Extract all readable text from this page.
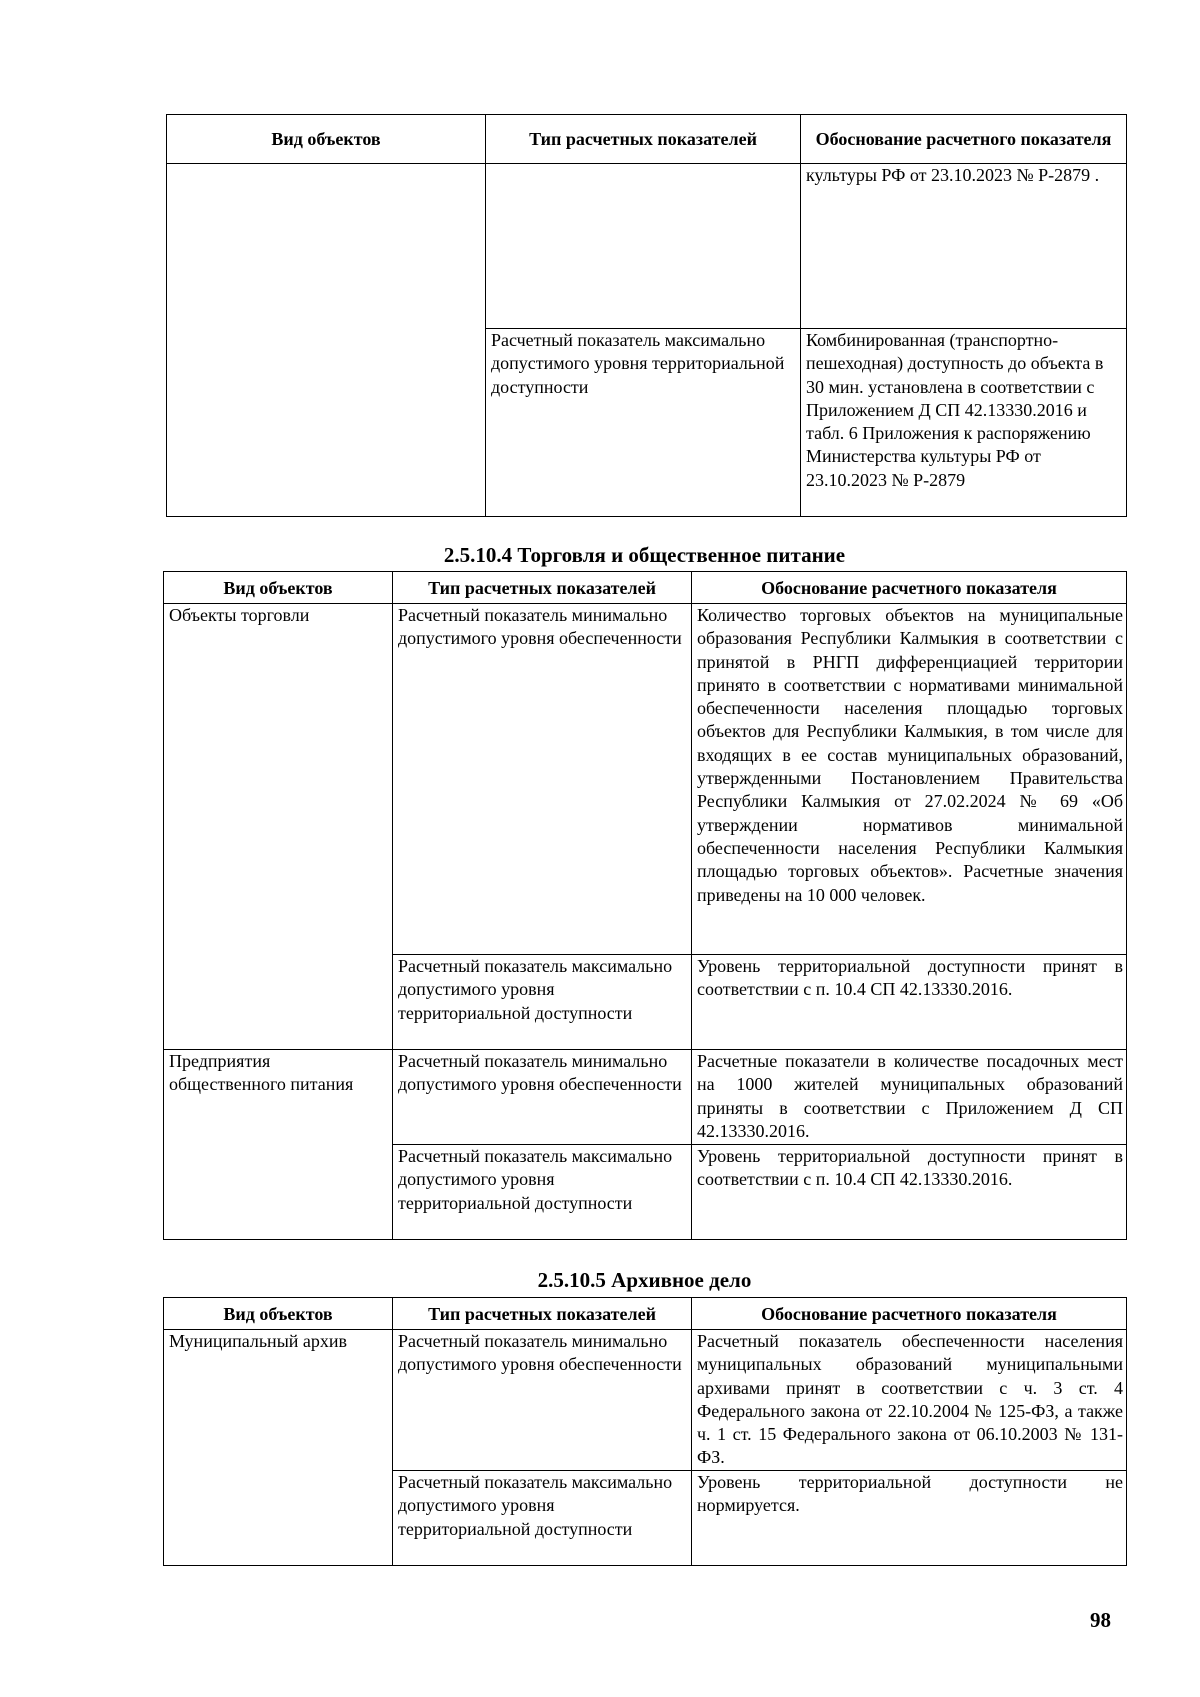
Вид объектов	Тип расчетных показателей	Обоснование расчетного показателя
		культуры РФ от 23.10.2023 № Р-2879 .
	Расчетный показатель максимально допустимого уровня территориальной доступности	Комбинированная (транспортно-пешеходная) доступность до объекта в 30 мин. установлена в соответствии с Приложением Д СП 42.13330.2016 и табл. 6 Приложения к распоряжению Министерства культуры РФ от 23.10.2023 № Р-2879
2.5.10.4 Торговля и общественное питание
Вид объектов	Тип расчетных показателей	Обоснование расчетного показателя
Объекты торговли	Расчетный показатель минимально допустимого уровня обеспеченности	Количество торговых объектов на муниципальные образования Республики Калмыкия в соответствии с принятой в РНГП дифференциацией территории принято в соответствии с нормативами минимальной обеспеченности населения площадью торговых объектов для Республики Калмыкия, в том числе для входящих в ее состав муниципальных образований, утвержденными Постановлением Правительства Республики Калмыкия от 27.02.2024 № 69 «Об утверждении нормативов минимальной обеспеченности населения Республики Калмыкия площадью торговых объектов». Расчетные значения приведены на 10 000 человек.
	Расчетный показатель максимально допустимого уровня территориальной доступности	Уровень территориальной доступности принят в соответствии с п. 10.4 СП 42.13330.2016.
Предприятия общественного питания	Расчетный показатель минимально допустимого уровня обеспеченности	Расчетные показатели в количестве посадочных мест на 1000 жителей муниципальных образований приняты в соответствии с Приложением Д СП 42.13330.2016.
	Расчетный показатель максимально допустимого уровня территориальной доступности	Уровень территориальной доступности принят в соответствии с п. 10.4 СП 42.13330.2016.
2.5.10.5 Архивное дело
Вид объектов	Тип расчетных показателей	Обоснование расчетного показателя
Муниципальный архив	Расчетный показатель минимально допустимого уровня обеспеченности	Расчетный показатель обеспеченности населения муниципальных образований муниципальными архивами принят в соответствии с ч. 3 ст. 4 Федерального закона от 22.10.2004 № 125-ФЗ, а также ч. 1 ст. 15 Федерального закона от 06.10.2003 № 131-ФЗ.
	Расчетный показатель максимально допустимого уровня территориальной доступности	Уровень территориальной доступности не нормируется.
98
